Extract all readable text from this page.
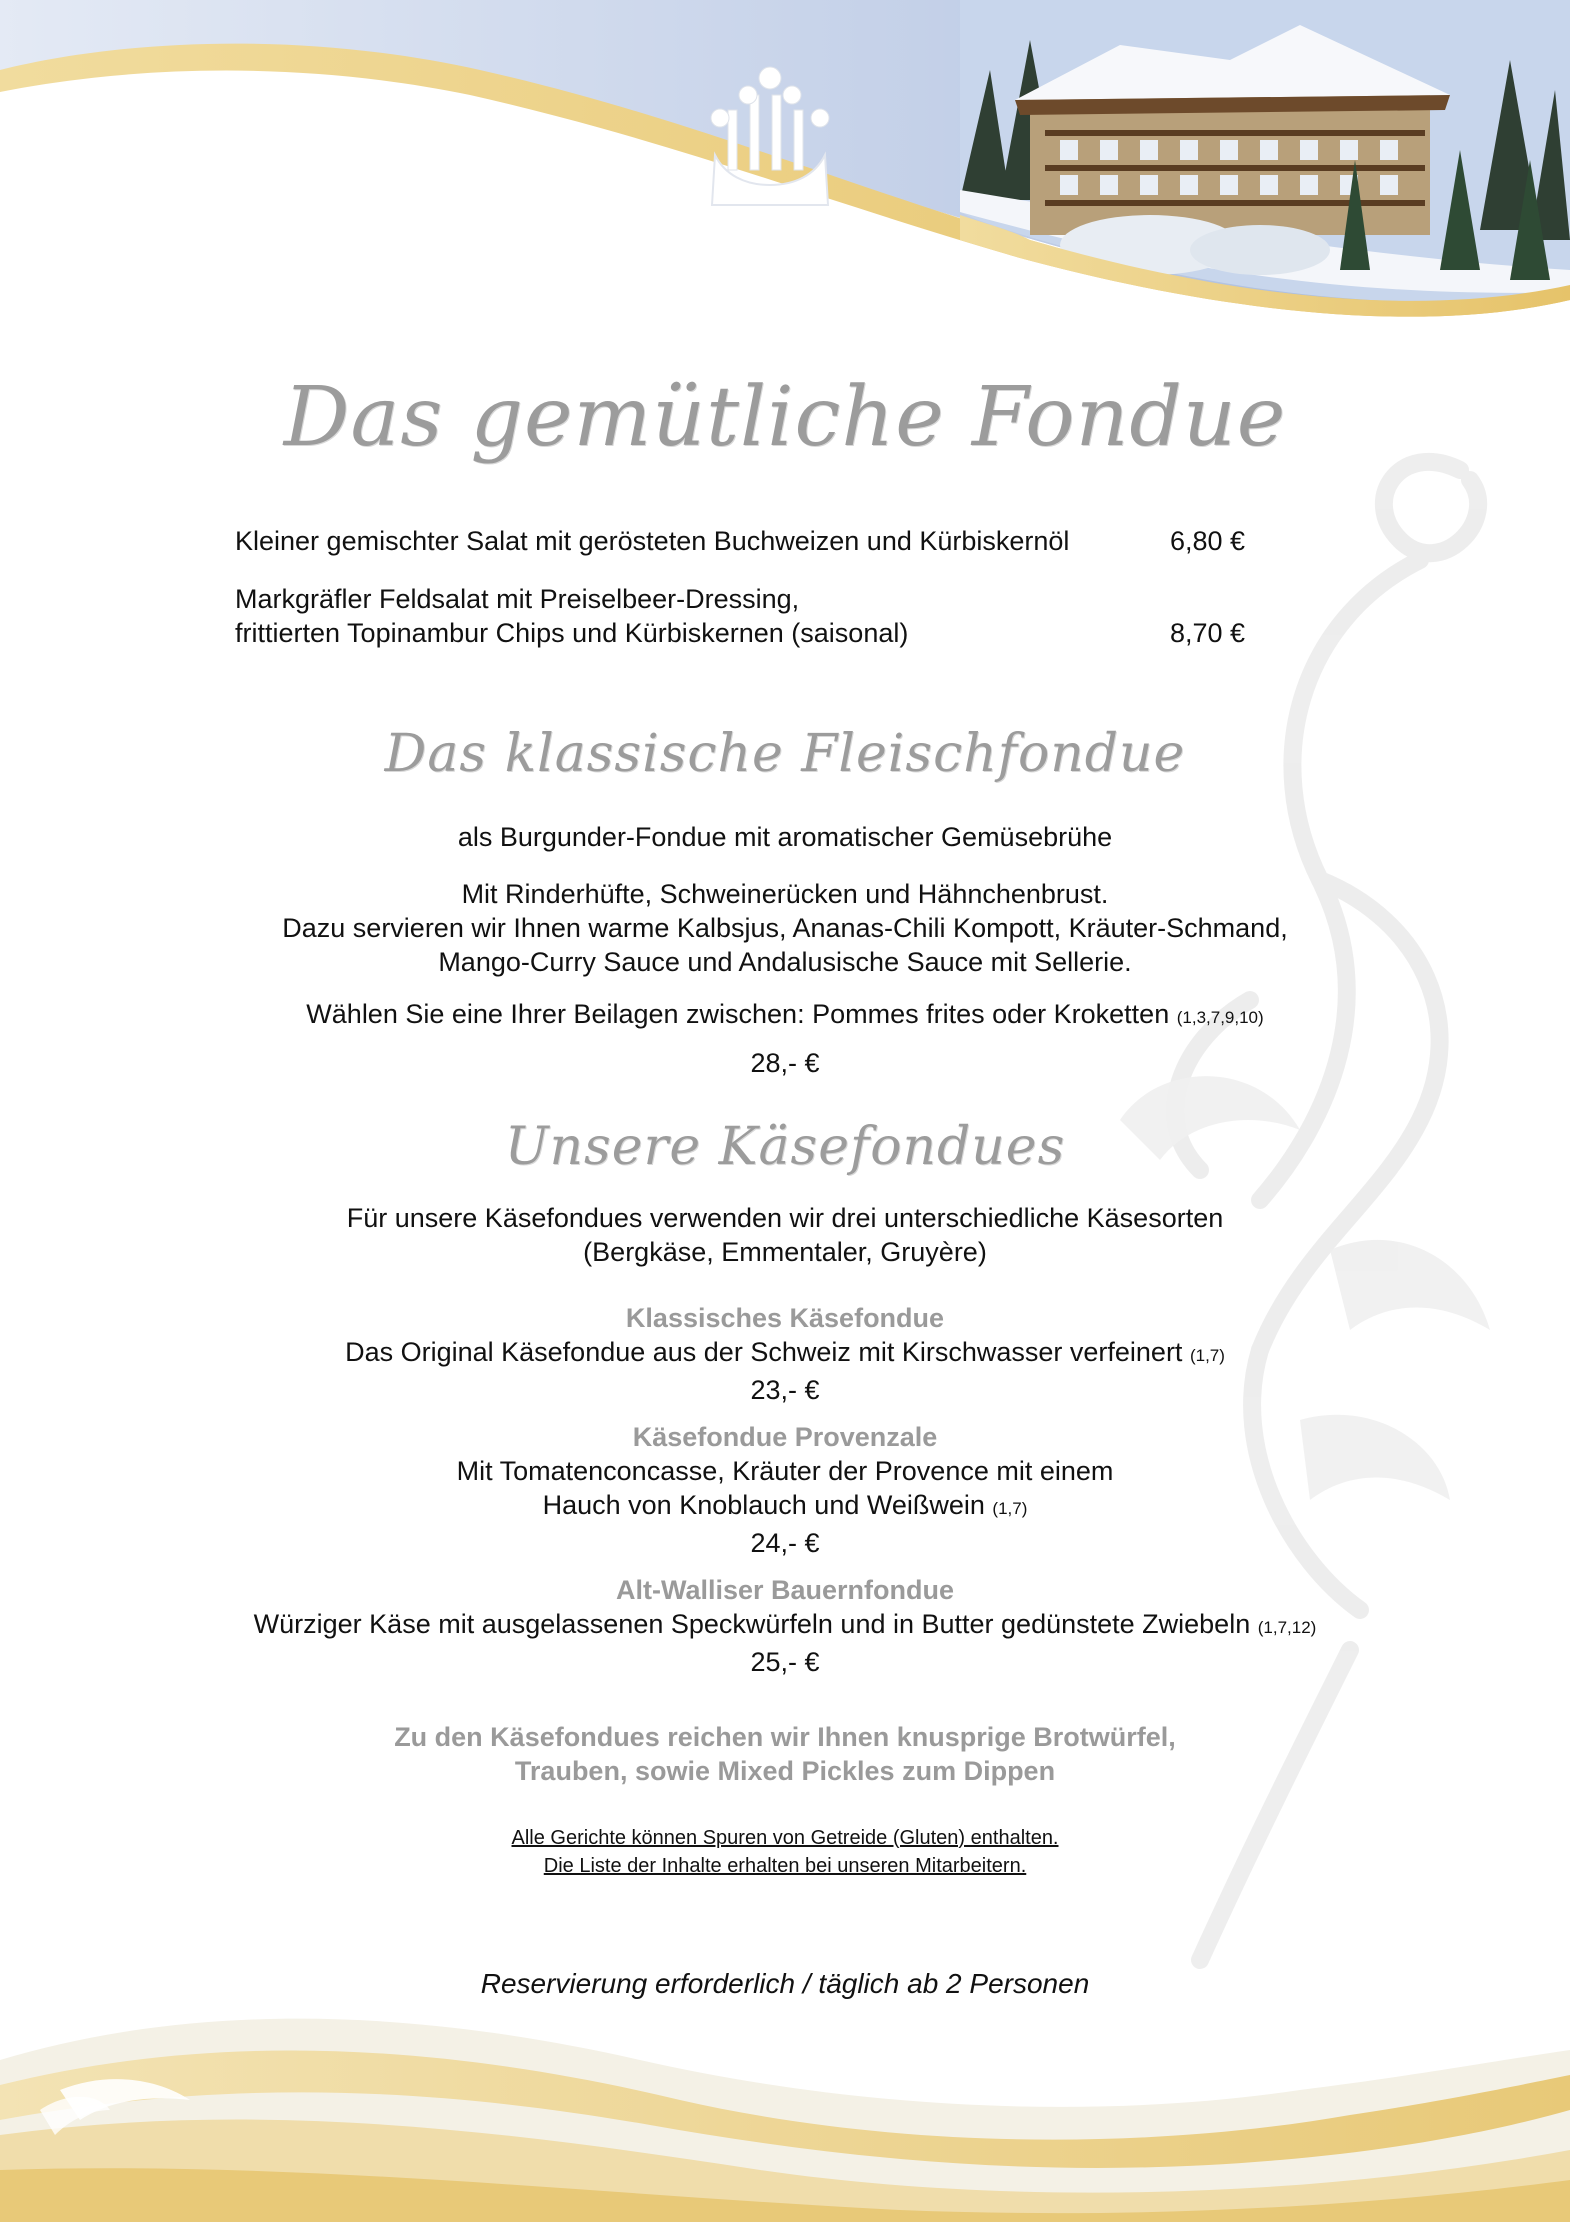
Das gemütliche Fondue
Kleiner gemischter Salat mit gerösteten Buchweizen und Kürbiskernöl	6,80 €
Markgräfler Feldsalat mit Preiselbeer-Dressing,
frittierten Topinambur Chips und Kürbiskernen (saisonal)	8,70 €
Das klassische Fleischfondue
als Burgunder-Fondue mit aromatischer Gemüsebrühe
Mit Rinderhüfte, Schweinerücken und Hähnchenbrust.
Dazu servieren wir Ihnen warme Kalbsjus, Ananas-Chili Kompott, Kräuter-Schmand,
Mango-Curry Sauce und Andalusische Sauce mit Sellerie.
Wählen Sie eine Ihrer Beilagen zwischen: Pommes frites oder Kroketten (1,3,7,9,10)
28,- €
Unsere Käsefondues
Für unsere Käsefondues verwenden wir drei unterschiedliche Käsesorten
(Bergkäse, Emmentaler, Gruyère)
Klassisches Käsefondue
Das Original Käsefondue aus der Schweiz mit Kirschwasser verfeinert (1,7)
23,- €
Käsefondue Provenzale
Mit Tomatenconcasse, Kräuter der Provence mit einem
Hauch von Knoblauch und Weißwein (1,7)
24,- €
Alt-Walliser Bauernfondue
Würziger Käse mit ausgelassenen Speckwürfeln und in Butter gedünstete Zwiebeln (1,7,12)
25,- €
Zu den Käsefondues reichen wir Ihnen knusprige Brotwürfel,
Trauben, sowie Mixed Pickles zum Dippen
Alle Gerichte können Spuren von Getreide (Gluten) enthalten.
Die Liste der Inhalte erhalten bei unseren Mitarbeitern.
Reservierung erforderlich / täglich ab 2 Personen
